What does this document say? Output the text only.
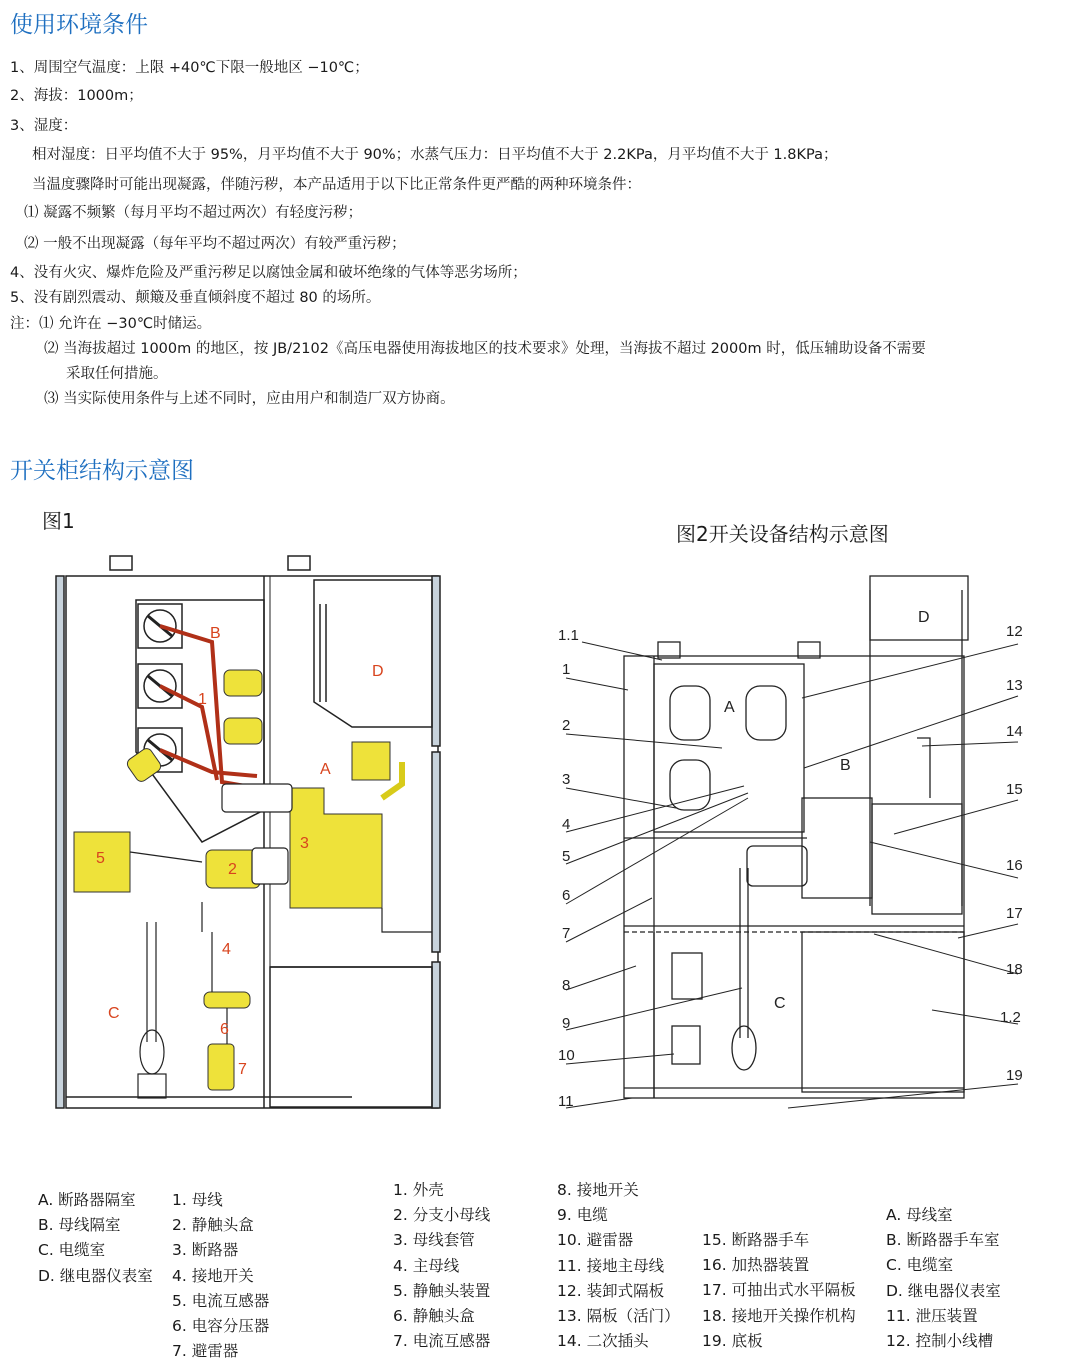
使用环境条件
1、周围空气温度：上限 +40℃下限一般地区 −10℃；
2、海拔：1000m；
3、湿度：
相对湿度：日平均值不大于 95%，月平均值不大于 90%；水蒸气压力：日平均值不大于 2.2KPa，月平均值不大于 1.8KPa；
当温度骤降时可能出现凝露，伴随污秽，本产品适用于以下比正常条件更严酷的两种环境条件：
⑴ 凝露不频繁（每月平均不超过两次）有轻度污秽；
⑵ 一般不出现凝露（每年平均不超过两次）有较严重污秽；
4、没有火灾、爆炸危险及严重污秽足以腐蚀金属和破坏绝缘的气体等恶劣场所；
5、没有剧烈震动、颠簸及垂直倾斜度不超过 80 的场所。
注：⑴ 允许在 −30℃时储运。
⑵ 当海拔超过 1000m 的地区，按 JB/2102《高压电器使用海拔地区的技术要求》处理，当海拔不超过 2000m 时，低压辅助设备不需要
采取任何措施。
⑶ 当实际使用条件与上述不同时，应由用户和制造厂双方协商。
开关柜结构示意图
图1
图2开关设备结构示意图
B
1
A
D
3
5
2
4
C
6
7
A
B
C
D
1.1
1
2
3
4
5
6
7
8
9
10
11
12
13
14
15
16
17
18
1.2
19
A. 断路器隔室
B. 母线隔室
C. 电缆室
D. 继电器仪表室
1. 母线
2. 静触头盒
3. 断路器
4. 接地开关
5. 电流互感器
6. 电容分压器
7. 避雷器
1. 外壳
2. 分支小母线
3. 母线套管
4. 主母线
5. 静触头装置
6. 静触头盒
7. 电流互感器
8. 接地开关
9. 电缆
10. 避雷器
11. 接地主母线
12. 装卸式隔板
13. 隔板（活门）
14. 二次插头
15. 断路器手车
16. 加热器装置
17. 可抽出式水平隔板
18. 接地开关操作机构
19. 底板
A. 母线室
B. 断路器手车室
C. 电缆室
D. 继电器仪表室
11. 泄压装置
12. 控制小线槽
